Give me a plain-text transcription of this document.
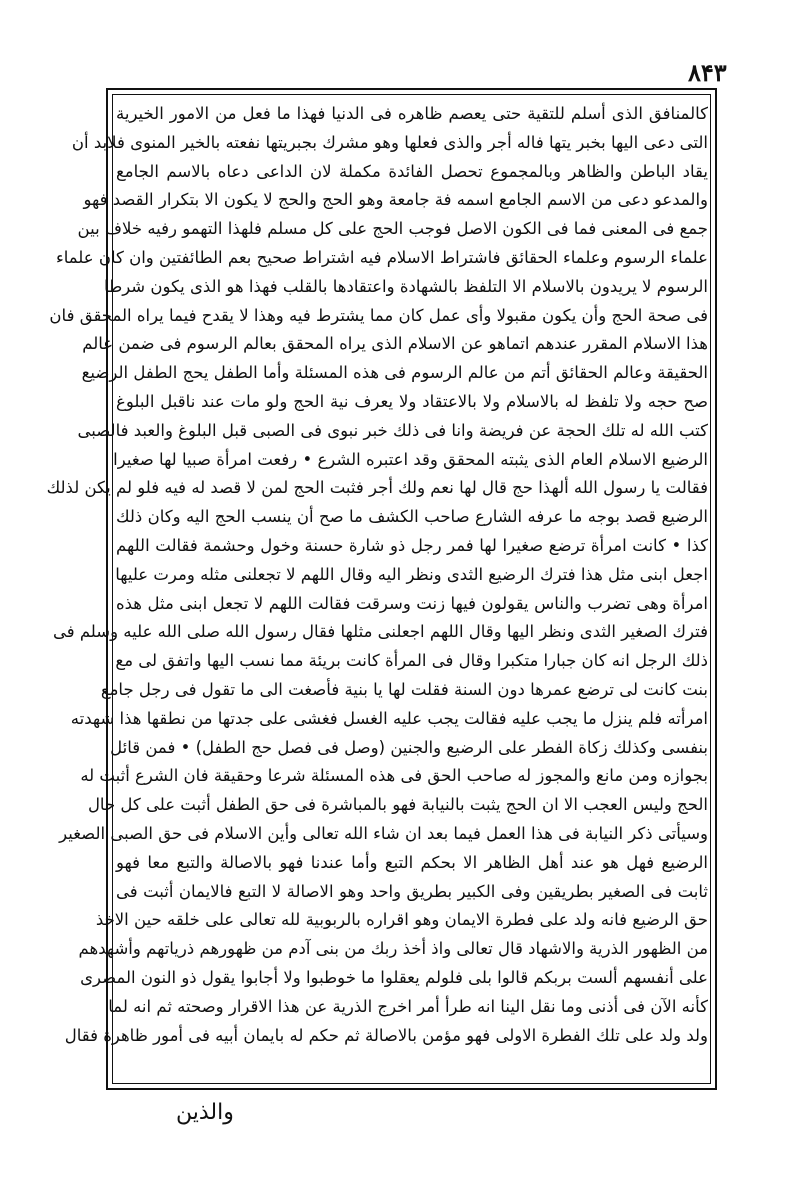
۸۴۳
كالمنافق الذى أسلم للتقية حتى يعصم ظاهره فى الدنيا فهذا ما فعل من الامور الخيرية
التى دعى اليها بخبر يتها فاله أجر والذى فعلها وهو مشرك بجبريتها نفعته بالخير المنوى فلابد أن
يقاد الباطن والظاهر وبالمجموع تحصل الفائدة مكملة لان الداعى دعاه بالاسم الجامع
والمدعو دعى من الاسم الجامع اسمه فة جامعة وهو الحج والحج لا يكون الا بتكرار القصد فهو
جمع فى المعنى فما فى الكون الاصل فوجب الحج على كل مسلم فلهذا التهمو رفيه خلاف بين
علماء الرسوم وعلماء الحقائق فاشتراط الاسلام فيه اشتراط صحيح بعم الطائفتين وان كان علماء
الرسوم لا يريدون بالاسلام الا التلفظ بالشهادة واعتقادها بالقلب فهذا هو الذى يكون شرطا
فى صحة الحج وأن يكون مقبولا وأى عمل كان مما يشترط فيه وهذا لا يقدح فيما يراه المحقق فان
هذا الاسلام المقرر عندهم اتماهو عن الاسلام الذى يراه المحقق بعالم الرسوم فى ضمن عالم
الحقيقة وعالم الحقائق أتم من عالم الرسوم فى هذه المسئلة وأما الطفل يحج الطفل الرضيع
صح حجه ولا تلفظ له بالاسلام ولا بالاعتقاد ولا يعرف نية الحج ولو مات عند ناقبل البلوغ
كتب الله له تلك الحجة عن فريضة وانا فى ذلك خبر نبوى فى الصبى قبل البلوغ والعبد فالصبى
الرضيع الاسلام العام الذى يثبته المحقق وقد اعتبره الشرع ‌• رفعت امرأة صبيا لها صغيرا
فقالت يا رسول الله ألهذا حج قال لها نعم ولك أجر فثبت الحج لمن لا قصد له فيه فلو لم يكن لذلك
الرضيع قصد بوجه ما عرفه الشارع صاحب الكشف ما صح أن ينسب الحج اليه وكان ذلك
كذا ‌• كانت امرأة ترضع صغيرا لها فمر رجل ذو شارة حسنة وخول وحشمة فقالت اللهم
اجعل ابنى مثل هذا فترك الرضيع الثدى ونظر اليه وقال اللهم لا تجعلنى مثله ومرت عليها
امرأة وهى تضرب والناس يقولون فيها زنت وسرقت فقالت اللهم لا تجعل ابنى مثل هذه
فترك الصغير الثدى ونظر اليها وقال اللهم اجعلنى مثلها فقال رسول الله صلى الله عليه وسلم فى
ذلك الرجل انه كان جبارا متكبرا وقال فى المرأة كانت بريئة مما نسب اليها واتفق لى مع
بنت كانت لى ترضع عمرها دون السنة فقلت لها يا بنية فأصغت الى ما تقول فى رجل جامع
امرأته فلم ينزل ما يجب عليه فقالت يجب عليه الغسل فغشى على جدتها من نطقها هذا شهدته
بنفسى وكذلك زكاة الفطر على الرضيع والجنين ‌(وصل فى فصل حج الطفل)‌ ‌• فمن قائل
بجوازه ومن مانع والمجوز له صاحب الحق فى هذه المسئلة شرعا وحقيقة فان الشرع أثبت له
الحج وليس العجب الا ان الحج يثبت بالنيابة فهو بالمباشرة فى حق الطفل أثبت على كل حال
وسيأتى ذكر النيابة فى هذا العمل فيما بعد ان شاء الله تعالى وأين الاسلام فى حق الصبى الصغير
الرضيع فهل هو عند أهل الظاهر الا بحكم التبع وأما عندنا فهو بالاصالة والتبع معا فهو
ثابت فى الصغير بطريقين وفى الكبير بطريق واحد وهو الاصالة لا التبع فالايمان أثبت فى
حق الرضيع فانه ولد على فطرة الايمان وهو اقراره بالربوبية لله تعالى على خلقه حين الاخذ
من الظهور الذرية والاشهاد قال تعالى واذ أخذ ربك من بنى آدم من ظهورهم ذرياتهم وأشهدهم
على أنفسهم ألست بربكم قالوا بلى فلولم يعقلوا ما خوطبوا ولا أجابوا يقول ذو النون المصرى
كأنه الآن فى أذنى وما نقل الينا انه طرأ أمر اخرج الذرية عن هذا الاقرار وصحته ثم انه لما
ولد ولد على تلك الفطرة الاولى فهو مؤمن بالاصالة ثم حكم له بايمان أبيه فى أمور ظاهرة فقال
والذين
